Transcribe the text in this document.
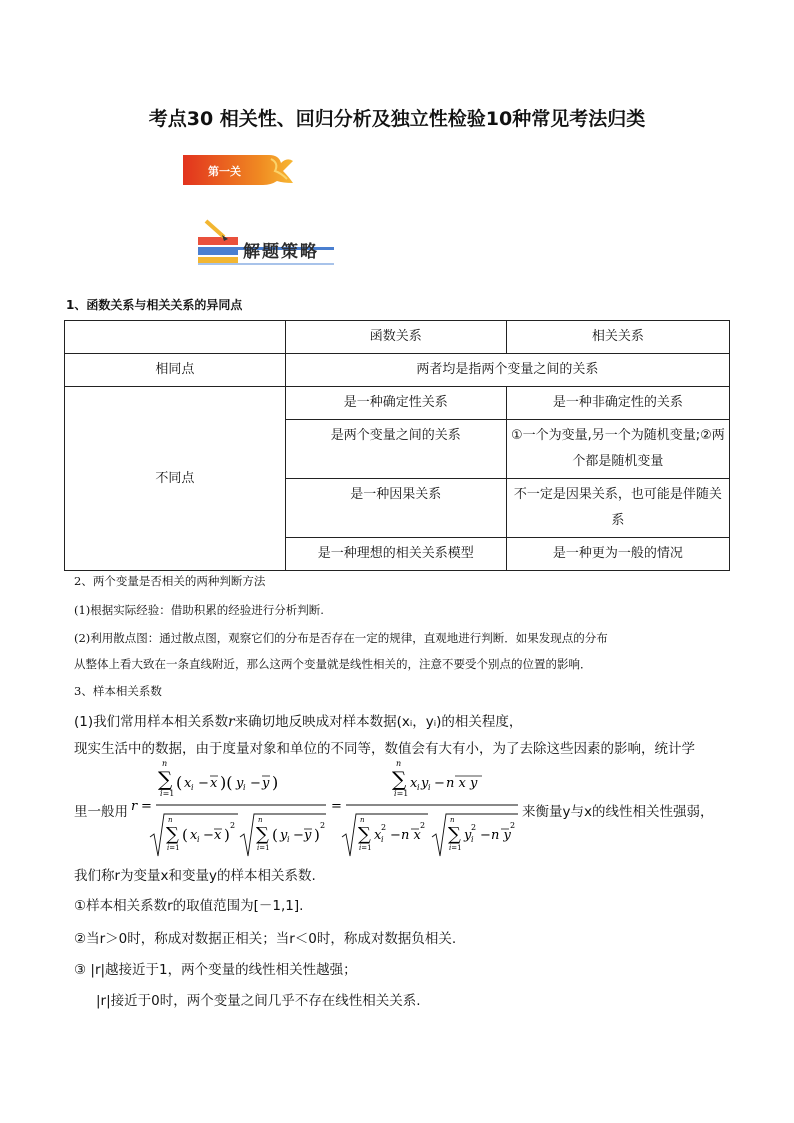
考点30 相关性、回归分析及独立性检验10种常见考法归类
第一关
解题策略
1、函数关系与相关关系的异同点
	函数关系	相关关系
相同点	两者均是指两个变量之间的关系	
不同点	是一种确定性关系	是一种非确定性的关系
	是两个变量之间的关系	①一个为变量,另一个为随机变量;②两个都是随机变量
	是一种因果关系	不一定是因果关系，也可能是伴随关系
	是一种理想的相关关系模型	是一种更为一般的情况
2、两个变量是否相关的两种判断方法
(1)根据实际经验：借助积累的经验进行分析判断.
(2)利用散点图：通过散点图，观察它们的分布是否存在一定的规律，直观地进行判断．如果发现点的分布
从整体上看大致在一条直线附近，那么这两个变量就是线性相关的，注意不要受个别点的位置的影响．
3、样本相关系数
(1)我们常用样本相关系数r来确切地反映成对样本数据(xᵢ，yᵢ)的相关程度，
现实生活中的数据，由于度量对象和单位的不同等，数值会有大有小，为了去除这些因素的影响，统计学
里一般用 r =
∑
n
i=1
( x i − x )( y i − y )
∑
n
i=1
( x i − x )
2 ∑
n
i=1
( y i − y )
2
=
∑
n
i=1
x i y i − n x y
∑
n
i=1
x i
2
− n x
2 ∑
n
i=1
y i
2
− n y
2
来衡量y与x的线性相关性强弱，
我们称r为变量x和变量y的样本相关系数.
①样本相关系数r的取值范围为[－1,1].
②当r＞0时，称成对数据正相关；当r＜0时，称成对数据负相关.
③ |r|越接近于1，两个变量的线性相关性越强；
|r|接近于0时，两个变量之间几乎不存在线性相关关系.
